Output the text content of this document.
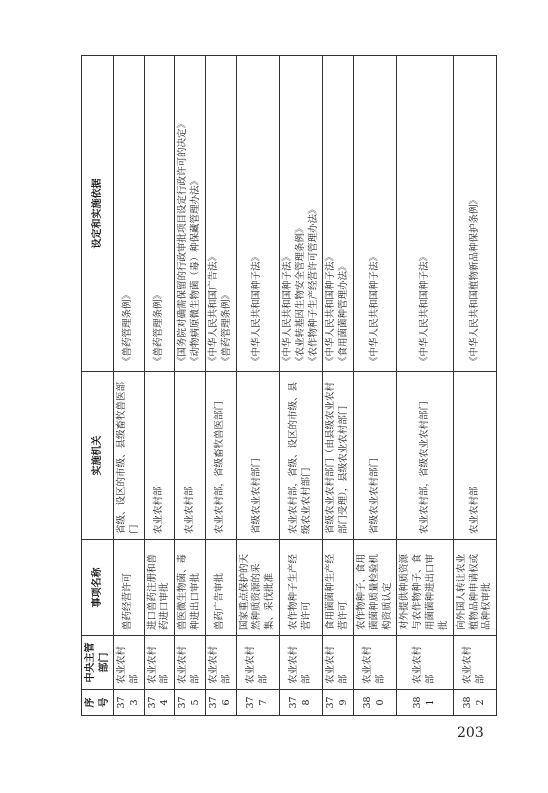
序号	中央主管部门	事项名称	实施机关	设定和实施依据
373	农业农村部	兽药经营许可	省级、设区的市级、县级畜牧兽医部门	《兽药管理条例》

374	农业农村部	进口兽药注册和兽药进口审批	农业农村部	《兽药管理条例》

375	农业农村部	兽医微生物菌、毒种进出口审批	农业农村部	《国务院对确需保留的行政审批项目设定行政许可的决定》 《动物病原微生物菌（毒）种保藏管理办法》

376	农业农村部	兽药广告审批	农业农村部，省级畜牧兽医部门	《中华人民共和国广告法》 《兽药管理条例》

377	农业农村部	国家重点保护的天然种质资源的采集、采伐批准	省级农业农村部门	《中华人民共和国种子法》

378	农业农村部	农作物种子生产经营许可	农业农村部，省级、设区的市级、县级农业农村部门	《中华人民共和国种子法》 《农业转基因生物安全管理条例》 《农作物种子生产经营许可管理办法》

379	农业农村部	食用菌菌种生产经营许可	省级农业农村部门（由县级农业农村部门受理），县级农业农村部门	《中华人民共和国种子法》 《食用菌菌种管理办法》

380	农业农村部	农作物种子、食用菌菌种质量检验机构资质认定	省级农业农村部门	《中华人民共和国种子法》

381	农业农村部	对外提供种质资源与农作物种子、食用菌菌种进出口审批	农业农村部，省级农业农村部门	《中华人民共和国种子法》

382	农业农村部	向外国人转让农业植物品种申请权或品种权审批	农业农村部	《中华人民共和国植物新品种保护条例》
203
